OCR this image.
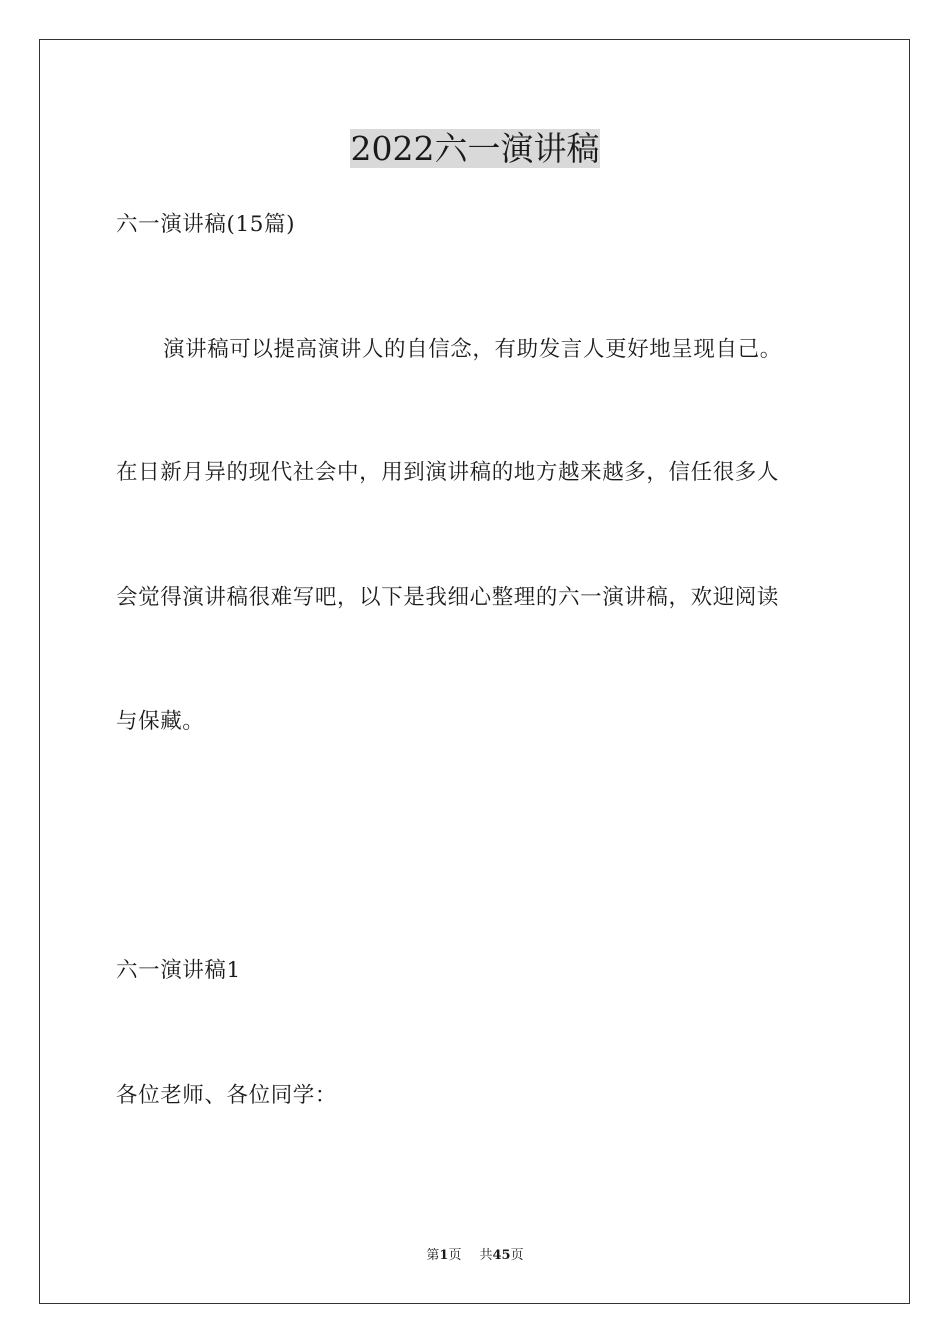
2022六一演讲稿

六一演讲稿(15篇)

演讲稿可以提高演讲人的自信念，有助发言人更好地呈现自己。

在日新月异的现代社会中，用到演讲稿的地方越来越多，信任很多人

会觉得演讲稿很难写吧，以下是我细心整理的六一演讲稿，欢迎阅读

与保藏。

六一演讲稿1

各位老师、各位同学：

第1页 共45页
